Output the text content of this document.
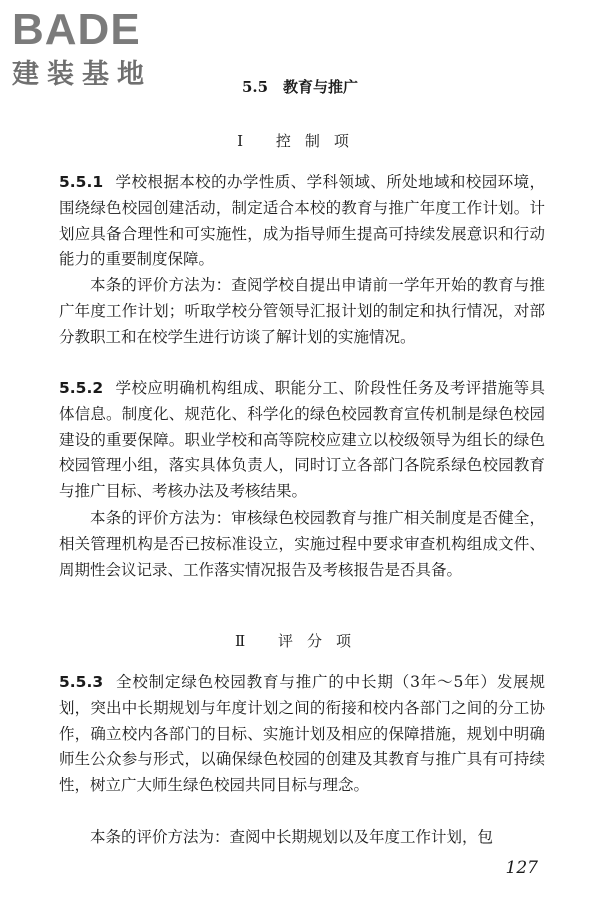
BADE
建装基地	5.5　教育与推广
Ⅰ 控制项

5.5.1 学校根据本校的办学性质、学科领域、所处地域和校园环境，围绕绿色校园创建活动，制定适合本校的教育与推广年度工作计划。计划应具备合理性和可实施性，成为指导师生提高可持续发展意识和行动能力的重要制度保障。

本条的评价方法为：查阅学校自提出申请前一学年开始的教育与推广年度工作计划；听取学校分管领导汇报计划的制定和执行情况，对部分教职工和在校学生进行访谈了解计划的实施情况。

5.5.2 学校应明确机构组成、职能分工、阶段性任务及考评措施等具体信息。制度化、规范化、科学化的绿色校园教育宣传机制是绿色校园建设的重要保障。职业学校和高等院校应建立以校级领导为组长的绿色校园管理小组，落实具体负责人，同时订立各部门各院系绿色校园教育与推广目标、考核办法及考核结果。

本条的评价方法为：审核绿色校园教育与推广相关制度是否健全，相关管理机构是否已按标准设立，实施过程中要求审查机构组成文件、周期性会议记录、工作落实情况报告及考核报告是否具备。

Ⅱ 评分项

5.5.3 全校制定绿色校园教育与推广的中长期（3年～5年）发展规划，突出中长期规划与年度计划之间的衔接和校内各部门之间的分工协作，确立校内各部门的目标、实施计划及相应的保障措施，规划中明确师生公众参与形式，以确保绿色校园的创建及其教育与推广具有可持续性，树立广大师生绿色校园共同目标与理念。

本条的评价方法为：查阅中长期规划以及年度工作计划，包

127
